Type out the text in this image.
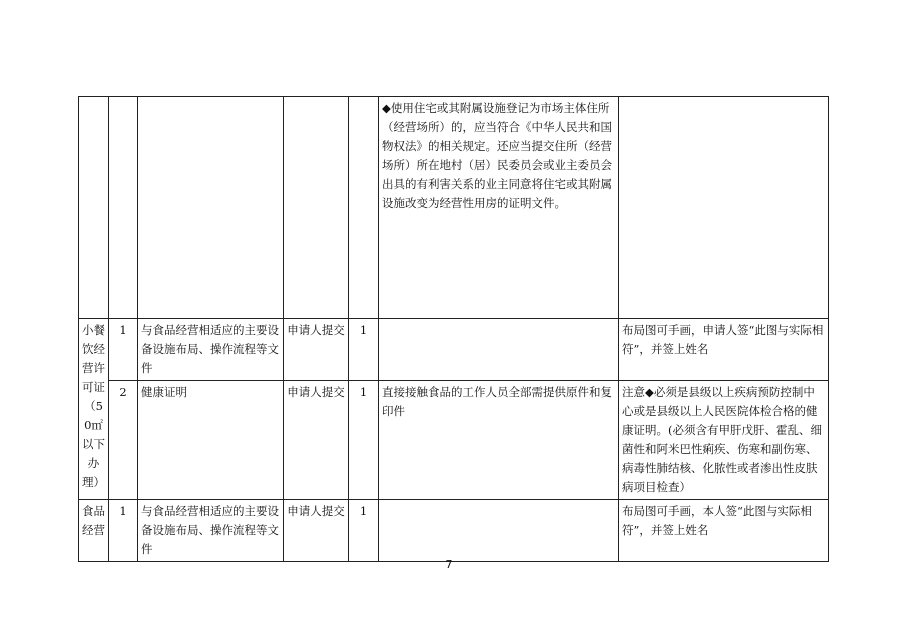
					◆使用住宅或其附属设施登记为市场主体住所（经营场所）的，应当符合《中华人民共和国物权法》的相关规定。还应当提交住所（经营场所）所在地村（居）民委员会或业主委员会出具的有利害关系的业主同意将住宅或其附属设施改变为经营性用房的证明文件。	
小餐饮经营许可证（50㎡以下办理）	1	与食品经营相适应的主要设备设施布局、操作流程等文件	申请人提交	1		布局图可手画，申请人签“此图与实际相符”，并签上姓名
	2	健康证明	申请人提交	1	直接接触食品的工作人员全部需提供原件和复印件	注意◆必须是县级以上疾病预防控制中心或是县级以上人民医院体检合格的健康证明。(必须含有甲肝戊肝、霍乱、细菌性和阿米巴性痢疾、伤寒和副伤寒、病毒性肺结核、化脓性或者渗出性皮肤病项目检查）
食品经营	1	与食品经营相适应的主要设备设施布局、操作流程等文件	申请人提交	1		布局图可手画，本人签“此图与实际相符”，并签上姓名
7
